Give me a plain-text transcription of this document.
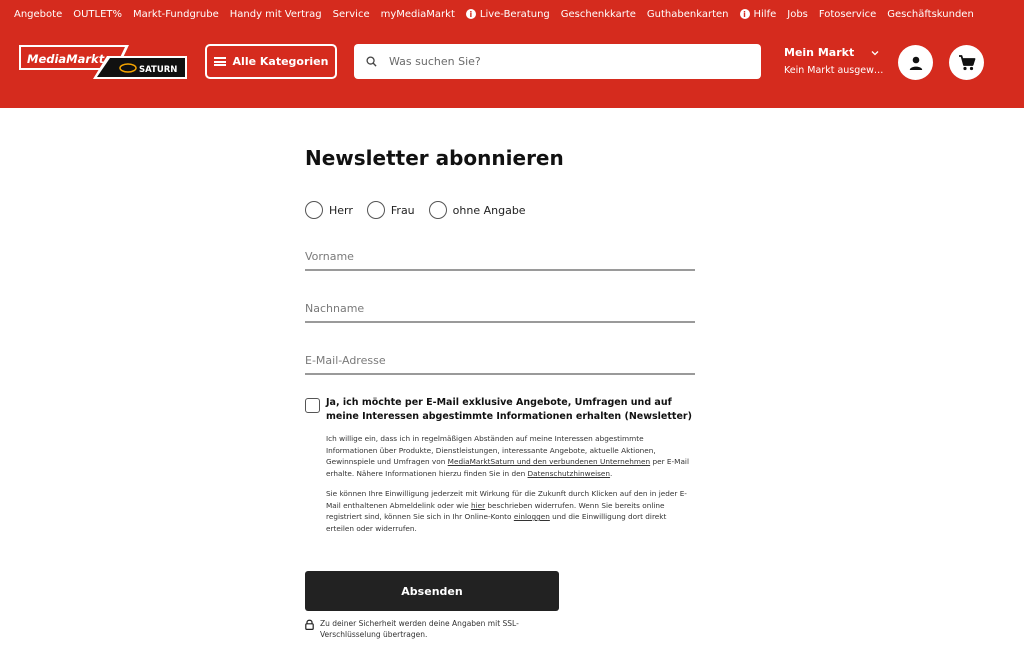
Angebote OUTLET% Markt-Fundgrube Handy mit Vertrag Service myMediaMarkt	i Live-Beratung Geschenkkarte Guthabenkarten	i Hilfe Jobs Fotoservice Geschäftskunden
MediaMarkt
SATURN
Alle Kategorien
Was suchen Sie?
Mein Markt
Kein Markt ausgew…
Newsletter abonnieren
Herr	Frau	ohne Angabe
Vorname
Nachname
E-Mail-Adresse
Ja, ich möchte per E-Mail exklusive Angebote, Umfragen und auf meine Interessen abgestimmte Informationen erhalten (Newsletter)

Ich willige ein, dass ich in regelmäßigen Abständen auf meine Interessen abgestimmte Informationen über Produkte, Dienstleistungen, interessante Angebote, aktuelle Aktionen, Gewinnspiele und Umfragen von MediaMarktSaturn und den verbundenen Unternehmen per E-Mail erhalte. Nähere Informationen hierzu finden Sie in den Datenschutzhinweisen.

Sie können Ihre Einwilligung jederzeit mit Wirkung für die Zukunft durch Klicken auf den in jeder E-Mail enthaltenen Abmeldelink oder wie hier beschrieben widerrufen. Wenn Sie bereits online registriert sind, können Sie sich in Ihr Online-Konto einloggen und die Einwilligung dort direkt erteilen oder widerrufen.

Absenden
Zu deiner Sicherheit werden deine Angaben mit SSL-Verschlüsselung übertragen.
